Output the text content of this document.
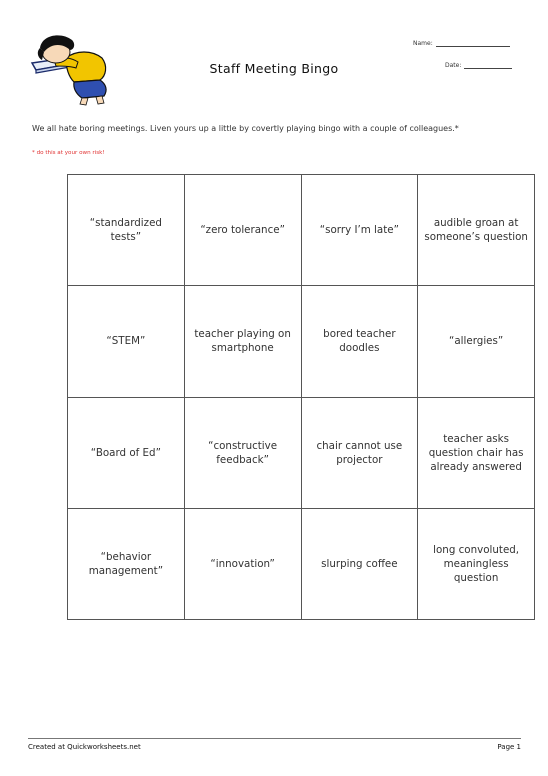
Staff Meeting Bingo
Name:
Date:
We all hate boring meetings. Liven yours up a little by covertly playing bingo with a couple of colleagues.*
* do this at your own risk!
“standardized tests”	“zero tolerance”	“sorry I’m late”	audible groan at someone’s question
“STEM”	teacher playing on smartphone	bored teacher doodles	“allergies”
“Board of Ed”	“constructive feedback”	chair cannot use projector	teacher asks question chair has already answered
“behavior management”	“innovation”	slurping coffee	long convoluted, meaningless question
Created at Quickworksheets.net	Page 1
